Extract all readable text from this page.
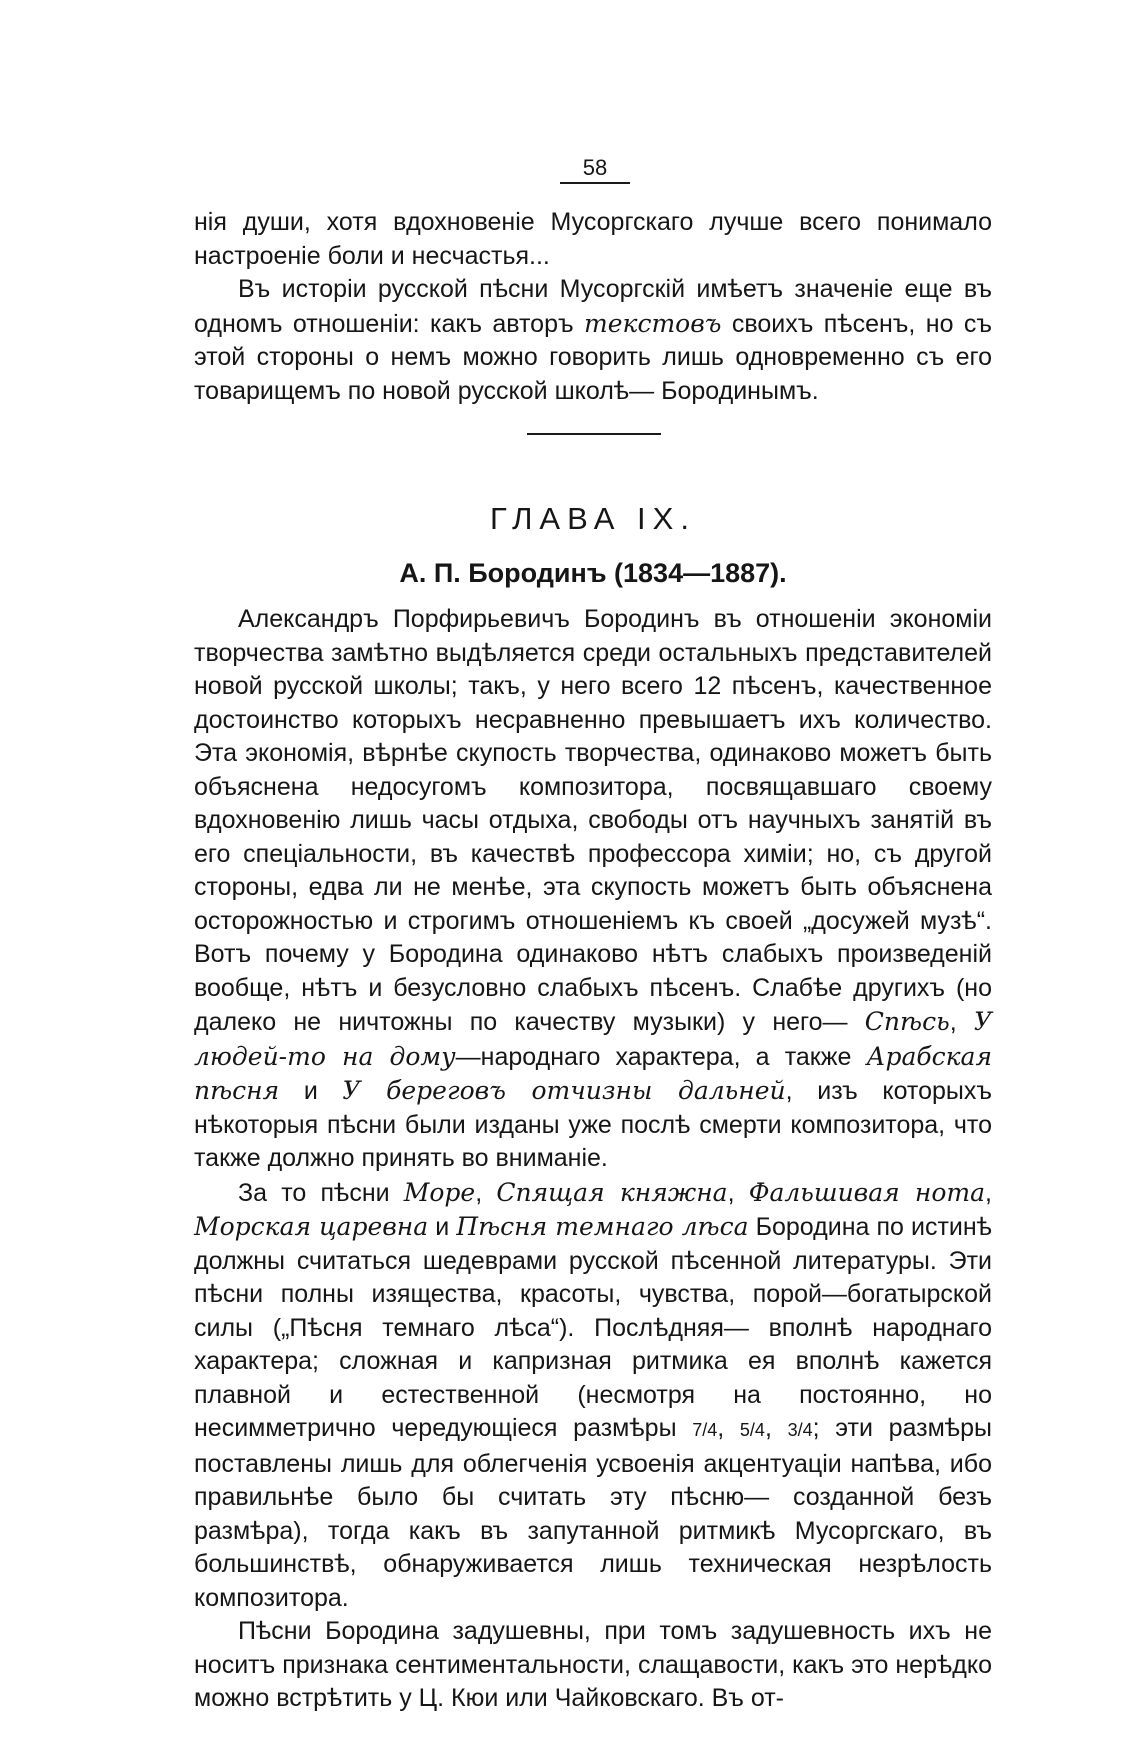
58

нія души, хотя вдохновеніе Мусоргскаго лучше всего понимало настроеніе боли и несчастья...

Въ исторіи русской пѣсни Мусоргскій имѣетъ значеніе еще въ одномъ отношеніи: какъ авторъ текстовъ своихъ пѣсенъ, но съ этой стороны о немъ можно говорить лишь одновременно съ его товарищемъ по новой русской школѣ— Бородинымъ.

ГЛАВА IX.
А. П. Бородинъ (1834—1887).

Александръ Порфирьевичъ Бородинъ въ отношеніи экономіи творчества замѣтно выдѣляется среди остальныхъ представителей новой русской школы; такъ, у него всего 12 пѣсенъ, качественное достоинство которыхъ несравненно превышаетъ ихъ количество. Эта экономія, вѣрнѣе скупость творчества, одинаково можетъ быть объяснена недосугомъ композитора, посвящавшаго своему вдохновенію лишь часы отдыха, свободы отъ научныхъ занятій въ его спеціальности, въ качествѣ профессора химіи; но, съ другой стороны, едва ли не менѣе, эта скупость можетъ быть объяснена осторожностью и строгимъ отношеніемъ къ своей „досужей музѣ“. Вотъ почему у Бородина одинаково нѣтъ слабыхъ произведеній вообще, нѣтъ и безусловно слабыхъ пѣсенъ. Слабѣе другихъ (но далеко не ничтожны по качеству музыки) у него— Спѣсь, У людей-то на дому—народнаго характера, а также Арабская пѣсня и У береговъ отчизны дальней, изъ которыхъ нѣкоторыя пѣсни были изданы уже послѣ смерти композитора, что также должно принять во вниманіе.

За то пѣсни Море, Спящая княжна, Фальшивая нота, Морская царевна и Пѣсня темнаго лѣса Бородина по истинѣ должны считаться шедеврами русской пѣсенной литературы. Эти пѣсни полны изящества, красоты, чувства, порой—богатырской силы („Пѣсня темнаго лѣса“). Послѣдняя— вполнѣ народнаго характера; сложная и капризная ритмика ея вполнѣ кажется плавной и естественной (несмотря на постоянно, но несимметрично чередующіеся размѣры 7/4, 5/4, 3/4; эти размѣры поставлены лишь для облегченія усвоенія акцентуаціи напѣва, ибо правильнѣе было бы считать эту пѣсню— созданной безъ размѣра), тогда какъ въ запутанной ритмикѣ Мусоргскаго, въ большинствѣ, обнаруживается лишь техническая незрѣлость композитора.

Пѣсни Бородина задушевны, при томъ задушевность ихъ не носитъ признака сентиментальности, слащавости, какъ это нерѣдко можно встрѣтить у Ц. Кюи или Чайковскаго. Въ от-
